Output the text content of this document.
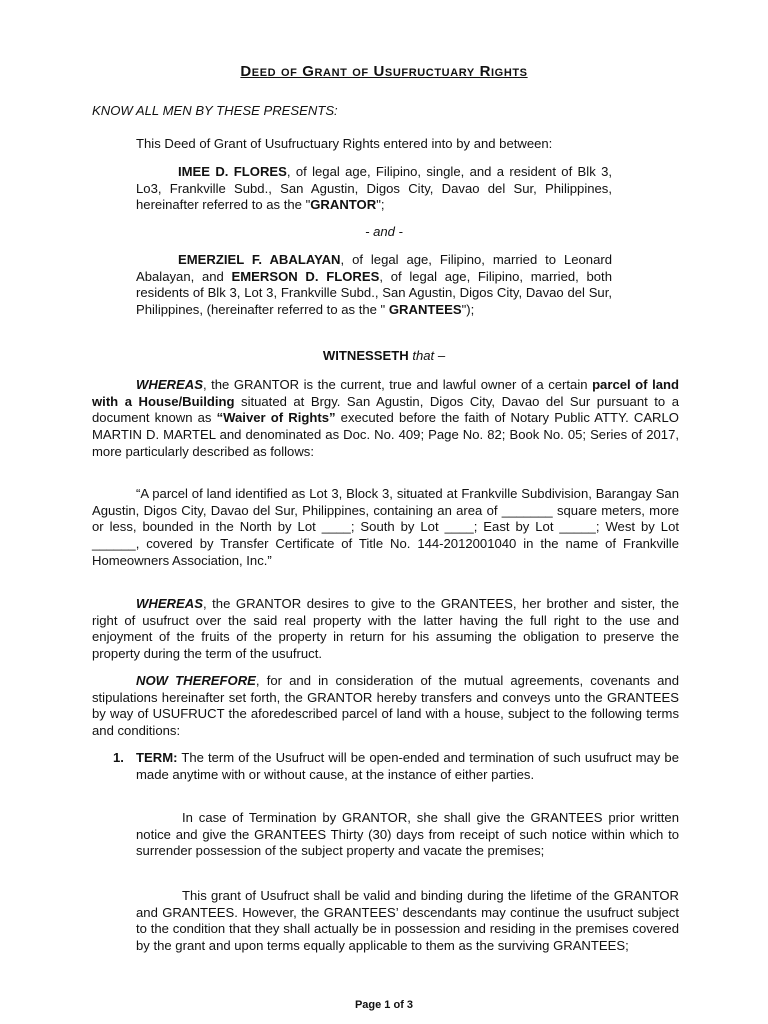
Deed of Grant of Usufructuary Rights

KNOW ALL MEN BY THESE PRESENTS:

This Deed of Grant of Usufructuary Rights entered into by and between:

IMEE D. FLORES, of legal age, Filipino, single, and a resident of Blk 3, Lo3, Frankville Subd., San Agustin, Digos City, Davao del Sur, Philippines, hereinafter referred to as the "GRANTOR";

- and -

EMERZIEL F. ABALAYAN, of legal age, Filipino, married to Leonard Abalayan, and EMERSON D. FLORES, of legal age, Filipino, married, both residents of Blk 3, Lot 3, Frankville Subd., San Agustin, Digos City, Davao del Sur, Philippines, (hereinafter referred to as the " GRANTEES");

WITNESSETH that –

WHEREAS, the GRANTOR is the current, true and lawful owner of a certain parcel of land with a House/Building situated at Brgy. San Agustin, Digos City, Davao del Sur pursuant to a document known as “Waiver of Rights” executed before the faith of Notary Public ATTY. CARLO MARTIN D. MARTEL and denominated as Doc. No. 409; Page No. 82; Book No. 05; Series of 2017, more particularly described as follows:

“A parcel of land identified as Lot 3, Block 3, situated at Frankville Subdivision, Barangay San Agustin, Digos City, Davao del Sur, Philippines, containing an area of _______ square meters, more or less, bounded in the North by Lot ____; South by Lot ____; East by Lot _____; West by Lot ______, covered by Transfer Certificate of Title No. 144-2012001040 in the name of Frankville Homeowners Association, Inc.”

WHEREAS, the GRANTOR desires to give to the GRANTEES, her brother and sister, the right of usufruct over the said real property with the latter having the full right to the use and enjoyment of the fruits of the property in return for his assuming the obligation to preserve the property during the term of the usufruct.

NOW THEREFORE, for and in consideration of the mutual agreements, covenants and stipulations hereinafter set forth, the GRANTOR hereby transfers and conveys unto the GRANTEES by way of USUFRUCT the aforedescribed parcel of land with a house, subject to the following terms and conditions:

1. TERM: The term of the Usufruct will be open-ended and termination of such usufruct may be made anytime with or without cause, at the instance of either parties.

In case of Termination by GRANTOR, she shall give the GRANTEES prior written notice and give the GRANTEES Thirty (30) days from receipt of such notice within which to surrender possession of the subject property and vacate the premises;

This grant of Usufruct shall be valid and binding during the lifetime of the GRANTOR and GRANTEES. However, the GRANTEES’ descendants may continue the usufruct subject to the condition that they shall actually be in possession and residing in the premises covered by the grant and upon terms equally applicable to them as the surviving GRANTEES;

Page 1 of 3
